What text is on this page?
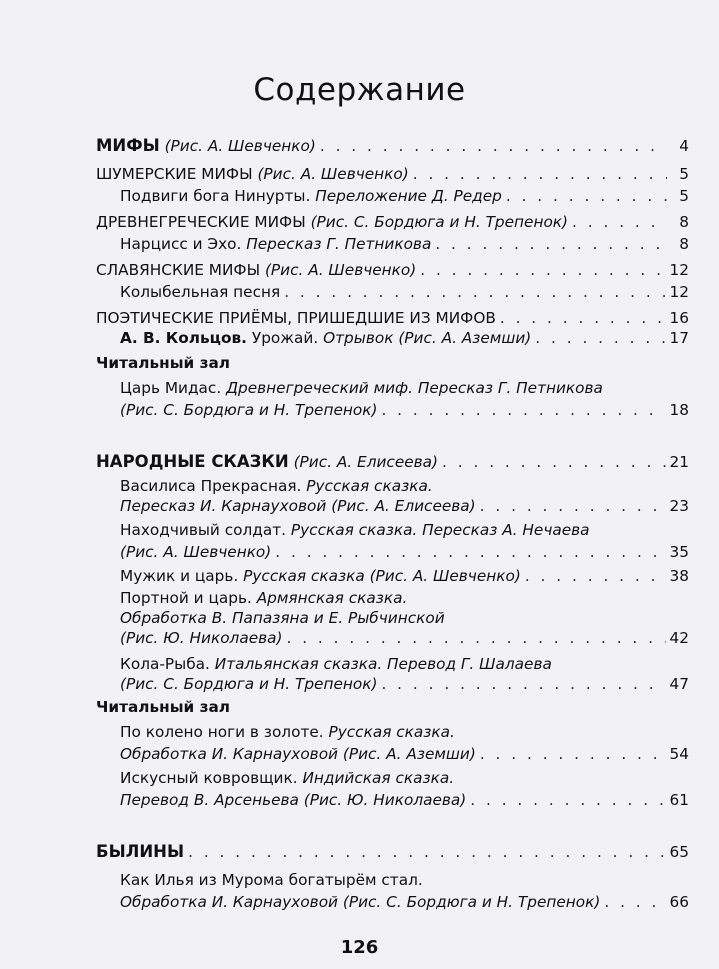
Содержание
МИФЫ (Рис. А. Шевченко) . . .	4
ШУМЕРСКИЕ МИФЫ (Рис. А. Шевченко) . . .	5
Подвиги бога Нинурты. Переложение Д. Редер . . .	5
ДРЕВНЕГРЕЧЕСКИЕ МИФЫ (Рис. С. Бордюга и Н. Трепенок) . . .	8
Нарцисс и Эхо. Пересказ Г. Петникова . . .	8
СЛАВЯНСКИЕ МИФЫ (Рис. А. Шевченко) . . .	12
Колыбельная песня . . .	12
ПОЭТИЧЕСКИЕ ПРИЁМЫ, ПРИШЕДШИЕ ИЗ МИФОВ . . .	16
А. В. Кольцов. Урожай. Отрывок (Рис. А. Аземши) . . .	17
Читальный зал
Царь Мидас. Древнегреческий миф. Пересказ Г. Петникова
(Рис. С. Бордюга и Н. Трепенок) . . .	18
НАРОДНЫЕ СКАЗКИ (Рис. А. Елисеева) . . .	21
Василиса Прекрасная. Русская сказка.
Пересказ И. Карнауховой (Рис. А. Елисеева) . . .	23
Находчивый солдат. Русская сказка. Пересказ А. Нечаева
(Рис. А. Шевченко) . . .	35
Мужик и царь. Русская сказка (Рис. А. Шевченко) . . .	38
Портной и царь. Армянская сказка.
Обработка В. Папазяна и Е. Рыбчинской
(Рис. Ю. Николаева) . . .	42
Кола-Рыба. Итальянская сказка. Перевод Г. Шалаева
(Рис. С. Бордюга и Н. Трепенок) . . .	47
Читальный зал
По колено ноги в золоте. Русская сказка.
Обработка И. Карнауховой (Рис. А. Аземши) . . .	54
Искусный ковровщик. Индийская сказка.
Перевод В. Арсеньева (Рис. Ю. Николаева) . . .	61
БЫЛИНЫ . . .	65
Как Илья из Мурома богатырём стал.
Обработка И. Карнауховой (Рис. С. Бордюга и Н. Трепенок) . . .	66
126
